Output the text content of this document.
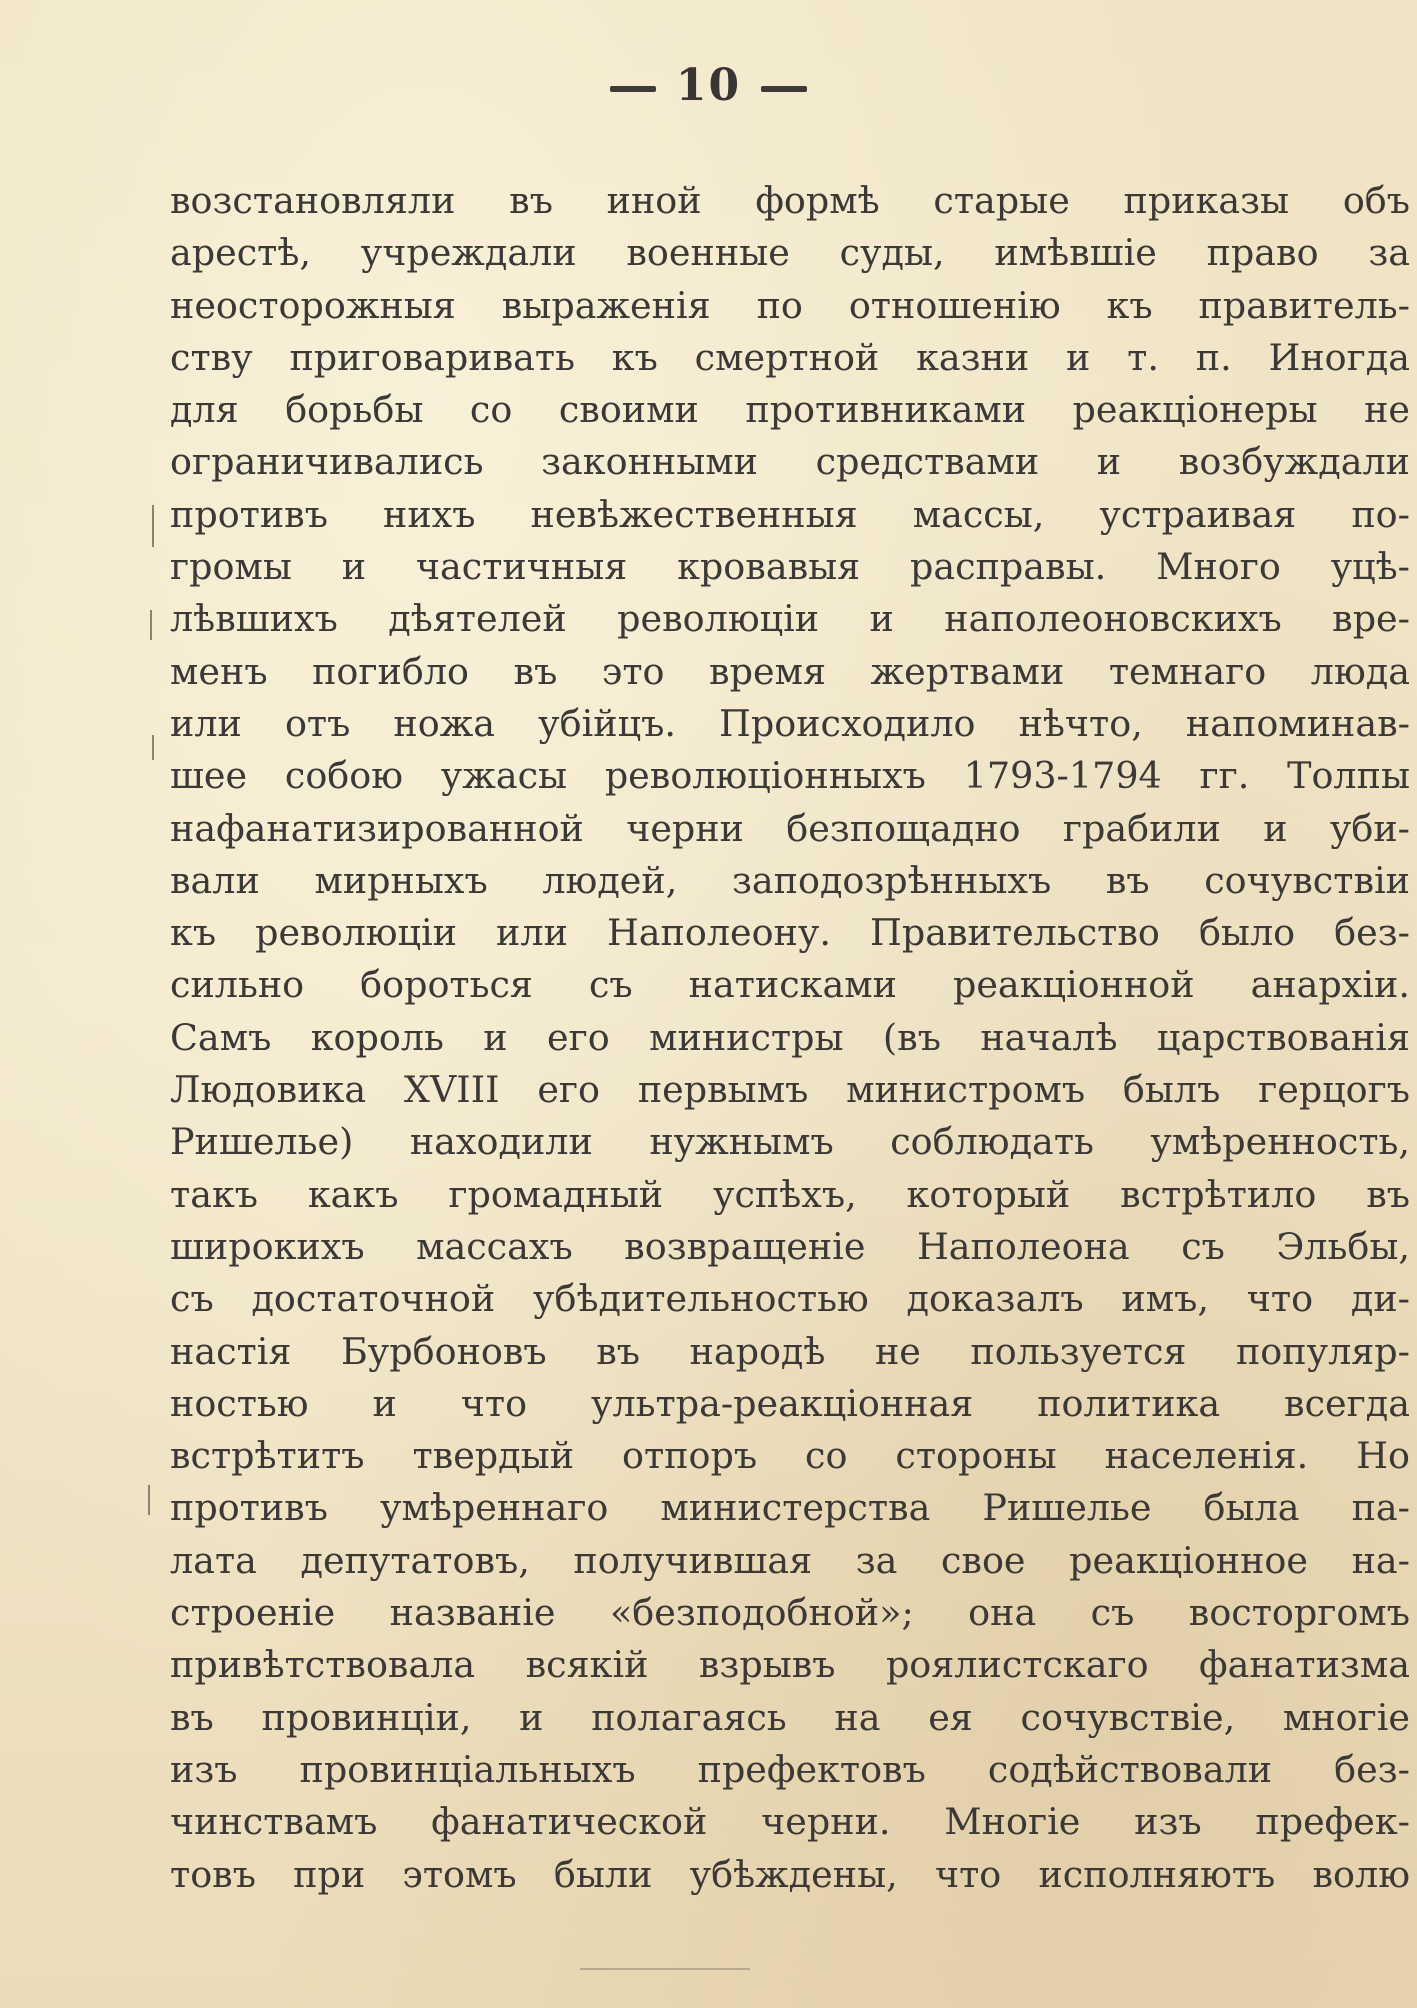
10
возстановляли въ иной формѣ старые приказы объ
арестѣ, учреждали военные суды, имѣвшіе право за
неосторожныя выраженія по отношенію къ правитель-
ству приговаривать къ смертной казни и т. п. Иногда
для борьбы со своими противниками реакціонеры не
ограничивались законными средствами и возбуждали
противъ нихъ невѣжественныя массы, устраивая по-
громы и частичныя кровавыя расправы. Много уцѣ-
лѣвшихъ дѣятелей революціи и наполеоновскихъ вре-
менъ погибло въ это время жертвами темнаго люда
или отъ ножа убійцъ. Происходило нѣчто, напоминав-
шее собою ужасы революціонныхъ 1793-1794 гг. Толпы
нафанатизированной черни безпощадно грабили и уби-
вали мирныхъ людей, заподозрѣнныхъ въ сочувствіи
къ революціи или Наполеону. Правительство было без-
сильно бороться съ натисками реакціонной анархіи.
Самъ король и его министры (въ началѣ царствованія
Людовика XVIII его первымъ министромъ былъ герцогъ
Ришелье) находили нужнымъ соблюдать умѣренность,
такъ какъ громадный успѣхъ, который встрѣтило въ
широкихъ массахъ возвращеніе Наполеона съ Эльбы,
съ достаточной убѣдительностью доказалъ имъ, что ди-
настія Бурбоновъ въ народѣ не пользуется популяр-
ностью и что ультра-реакціонная политика всегда
встрѣтитъ твердый отпоръ со стороны населенія. Но
противъ умѣреннаго министерства Ришелье была па-
лата депутатовъ, получившая за свое реакціонное на-
строеніе названіе «безподобной»; она съ восторгомъ
привѣтствовала всякій взрывъ роялистскаго фанатизма
въ провинціи, и полагаясь на ея сочувствіе, многіе
изъ провинціальныхъ префектовъ содѣйствовали без-
чинствамъ фанатической черни. Многіе изъ префек-
товъ при этомъ были убѣждены, что исполняютъ волю
